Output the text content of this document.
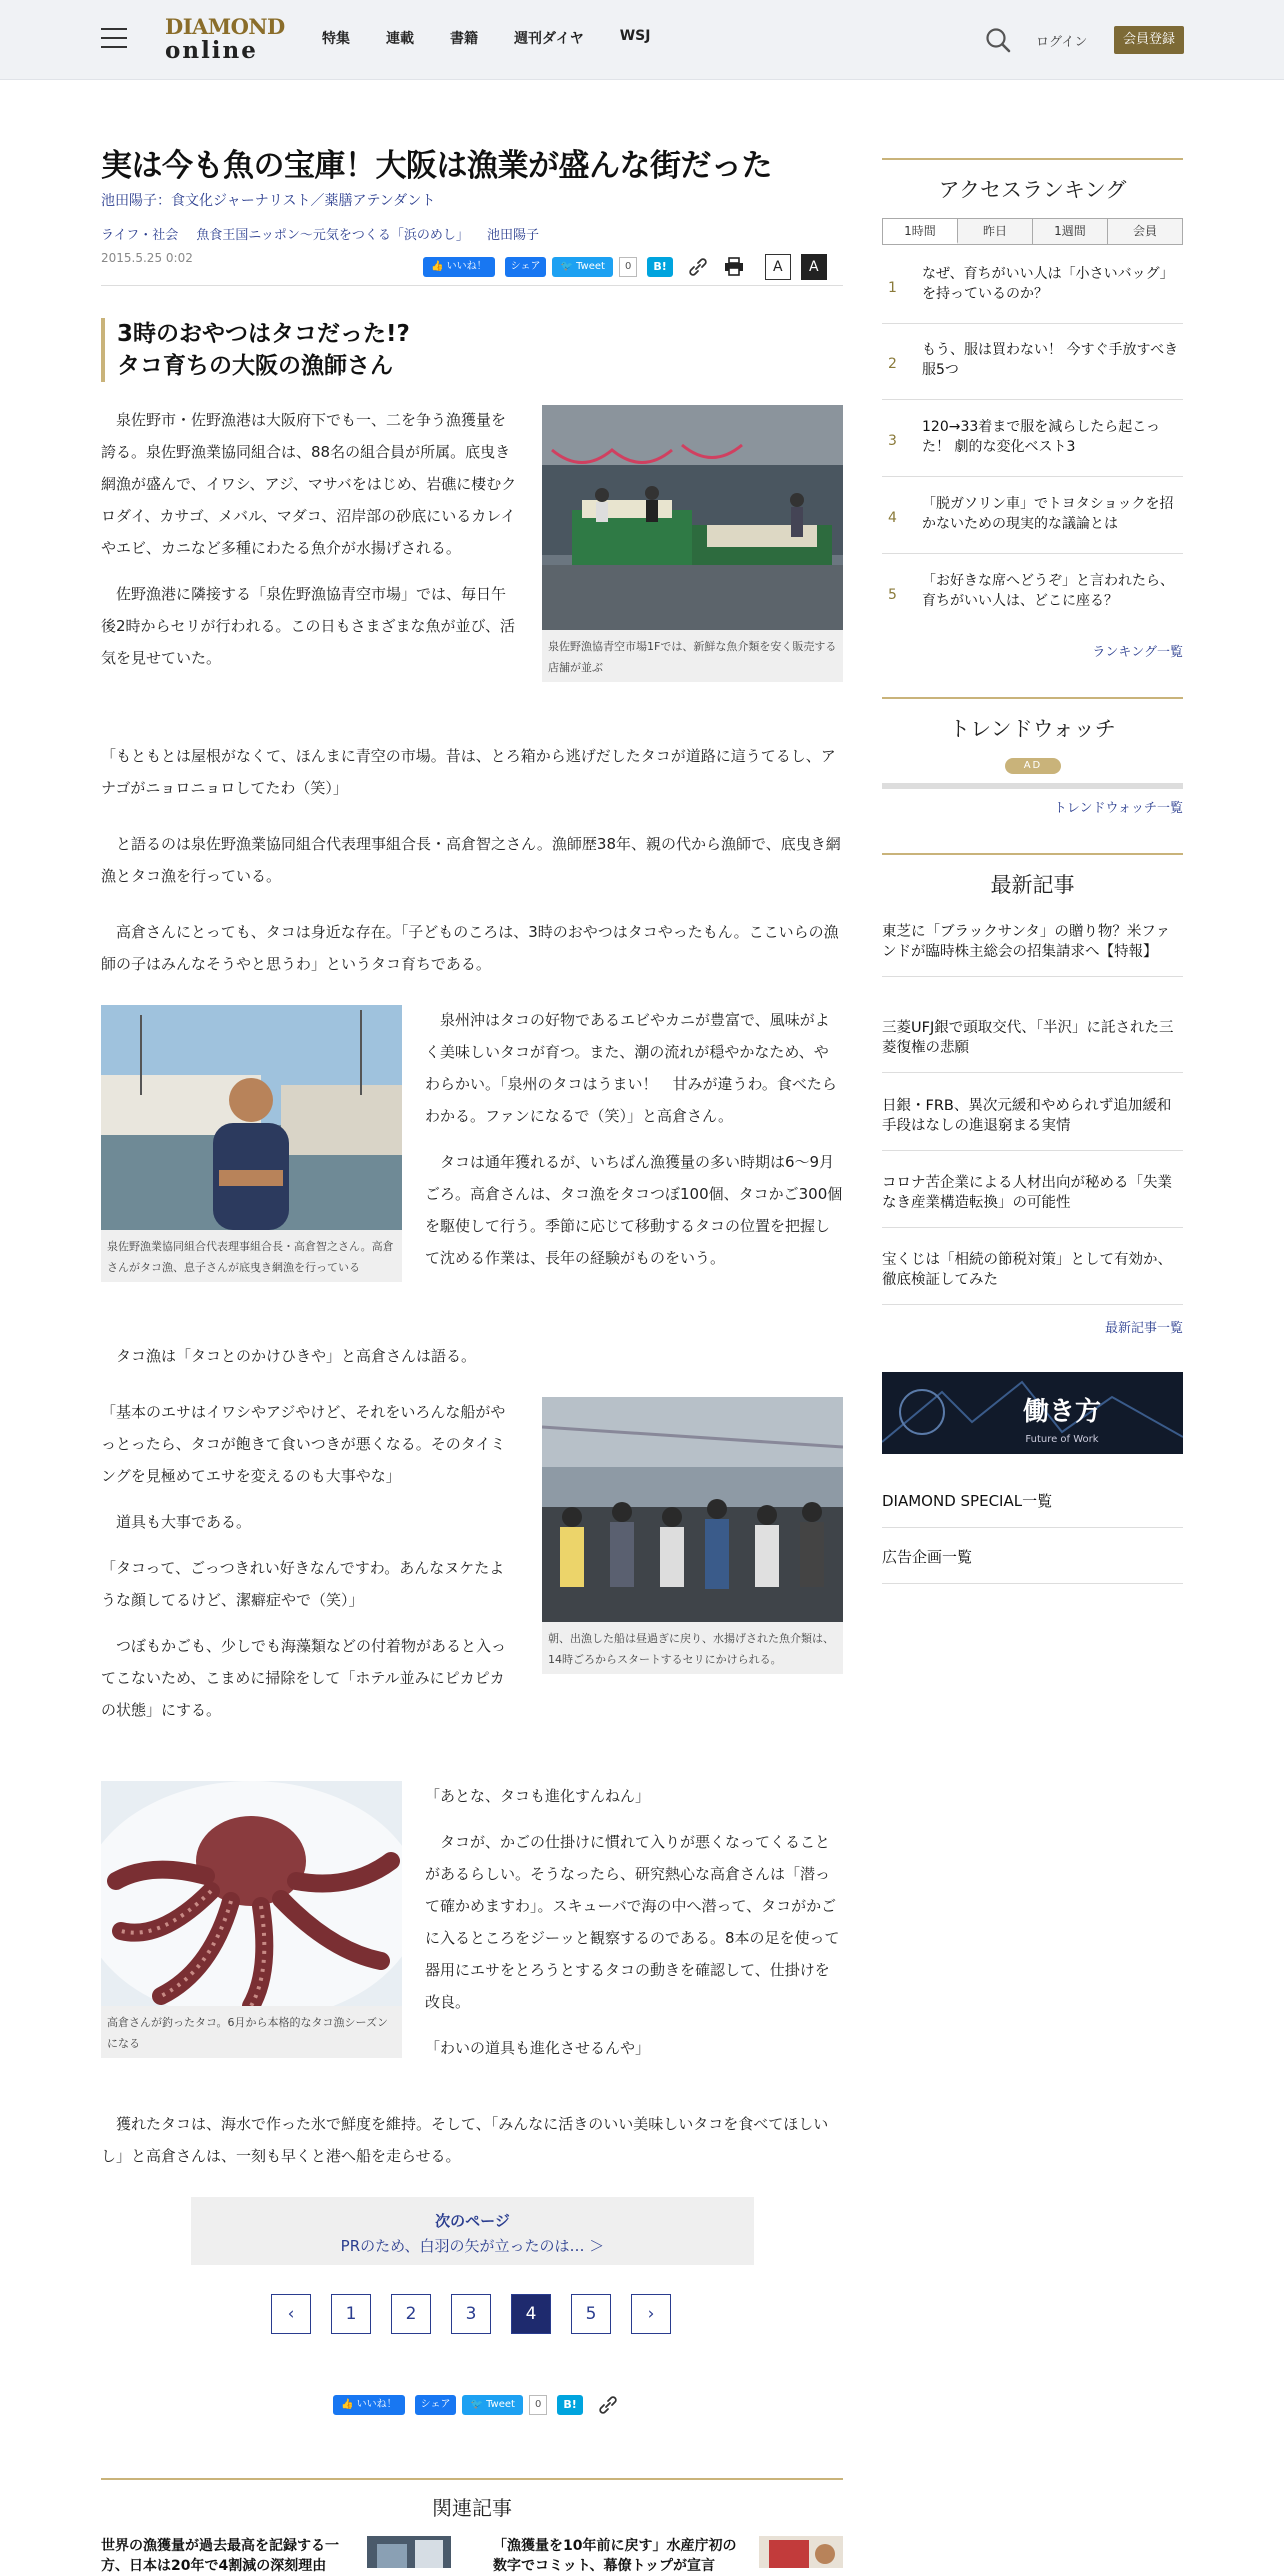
DIAMOND
online	特集	連載	書籍	週刊ダイヤ	WSJ	ログイン	会員登録
実は今も魚の宝庫！大阪は漁業が盛んな街だった
池田陽子：食文化ジャーナリスト／薬膳アテンダント
ライフ・社会 魚食王国ニッポン～元気をつくる「浜のめし」 池田陽子
2015.5.25 0:02
👍 いいね！	シェア	🐦 Tweet	0	B!	A	A
3時のおやつはタコだった!?
タコ育ちの大阪の漁師さん

泉佐野市・佐野漁港は大阪府下でも一、二を争う漁獲量を誇る。泉佐野漁業協同組合は、88名の組合員が所属。底曳き網漁が盛んで、イワシ、アジ、マサバをはじめ、岩礁に棲むクロダイ、カサゴ、メバル、マダコ、沼岸部の砂底にいるカレイやエビ、カニなど多種にわたる魚介が水揚げされる。

佐野漁港に隣接する「泉佐野漁協青空市場」では、毎日午後2時からセリが行われる。この日もさまざまな魚が並び、活気を見せていた。

泉佐野漁協青空市場1Fでは、新鮮な魚介類を安く販売する店舗が並ぶ

「もともとは屋根がなくて、ほんまに青空の市場。昔は、とろ箱から逃げだしたタコが道路に這うてるし、アナゴがニョロニョロしてたわ（笑）」

と語るのは泉佐野漁業協同組合代表理事組合長・高倉智之さん。漁師歴38年、親の代から漁師で、底曳き網漁とタコ漁を行っている。

高倉さんにとっても、タコは身近な存在。「子どものころは、3時のおやつはタコやったもん。ここいらの漁師の子はみんなそうやと思うわ」というタコ育ちである。

泉佐野漁業協同組合代表理事組合長・高倉智之さん。高倉さんがタコ漁、息子さんが底曳き網漁を行っている

泉州沖はタコの好物であるエビやカニが豊富で、風味がよく美味しいタコが育つ。また、潮の流れが穏やかなため、やわらかい。「泉州のタコはうまい！　甘みが違うわ。食べたらわかる。ファンになるで（笑）」と高倉さん。

タコは通年獲れるが、いちばん漁獲量の多い時期は6～9月ごろ。高倉さんは、タコ漁をタコつぼ100個、タコかご300個を駆使して行う。季節に応じて移動するタコの位置を把握して沈める作業は、長年の経験がものをいう。

タコ漁は「タコとのかけひきや」と高倉さんは語る。

「基本のエサはイワシやアジやけど、それをいろんな船がやっとったら、タコが飽きて食いつきが悪くなる。そのタイミングを見極めてエサを変えるのも大事やな」

道具も大事である。

「タコって、ごっつきれい好きなんですわ。あんなヌケたような顔してるけど、潔癖症やで（笑）」

つぼもかごも、少しでも海藻類などの付着物があると入ってこないため、こまめに掃除をして「ホテル並みにピカピカの状態」にする。

朝、出漁した船は昼過ぎに戻り、水揚げされた魚介類は、14時ごろからスタートするセリにかけられる。
高倉さんが釣ったタコ。6月から本格的なタコ漁シーズンになる

「あとな、タコも進化すんねん」

タコが、かごの仕掛けに慣れて入りが悪くなってくることがあるらしい。そうなったら、研究熱心な高倉さんは「潜って確かめますわ」。スキューバで海の中へ潜って、タコがかごに入るところをジーッと観察するのである。8本の足を使って器用にエサをとろうとするタコの動きを確認して、仕掛けを改良。

「わいの道具も進化させるんや」

獲れたタコは、海水で作った氷で鮮度を維持。そして、「みんなに活きのいい美味しいタコを食べてほしいし」と高倉さんは、一刻も早くと港へ船を走らせる。

次のページ
PRのため、白羽の矢が立ったのは… ＞
‹	1	2	3	4	5	›
👍 いいね！	シェア	🐦 Tweet	0	B!
関連記事
世界の漁獲量が過去最高を記録する一方、日本は20年で4割減の深刻理由
「漁獲量を10年前に戻す」水産庁初の数字でコミット、幕僚トップが宣言
アクセスランキング
1時間	昨日	1週間	会員
1
なぜ、育ちがいい人は「小さいバッグ」を持っているのか？
2
もう、服は買わない！ 今すぐ手放すべき服5つ
3
120→33着まで服を減らしたら起こった！ 劇的な変化ベスト3
4
「脱ガソリン車」でトヨタショックを招かないための現実的な議論とは
5
「お好きな席へどうぞ」と言われたら、育ちがいい人は、どこに座る？
ランキング一覧
トレンドウォッチ
AD
トレンドウォッチ一覧
最新記事
東芝に「ブラックサンタ」の贈り物？米ファンドが臨時株主総会の招集請求へ【特報】
三菱UFJ銀で頭取交代、「半沢」に託された三菱復権の悲願
日銀・FRB、異次元緩和やめられず追加緩和手段はなしの進退窮まる実情
コロナ苦企業による人材出向が秘める「失業なき産業構造転換」の可能性
宝くじは「相続の節税対策」として有効か、徹底検証してみた
最新記事一覧
働き方
Future of Work
DIAMOND SPECIAL一覧
広告企画一覧
